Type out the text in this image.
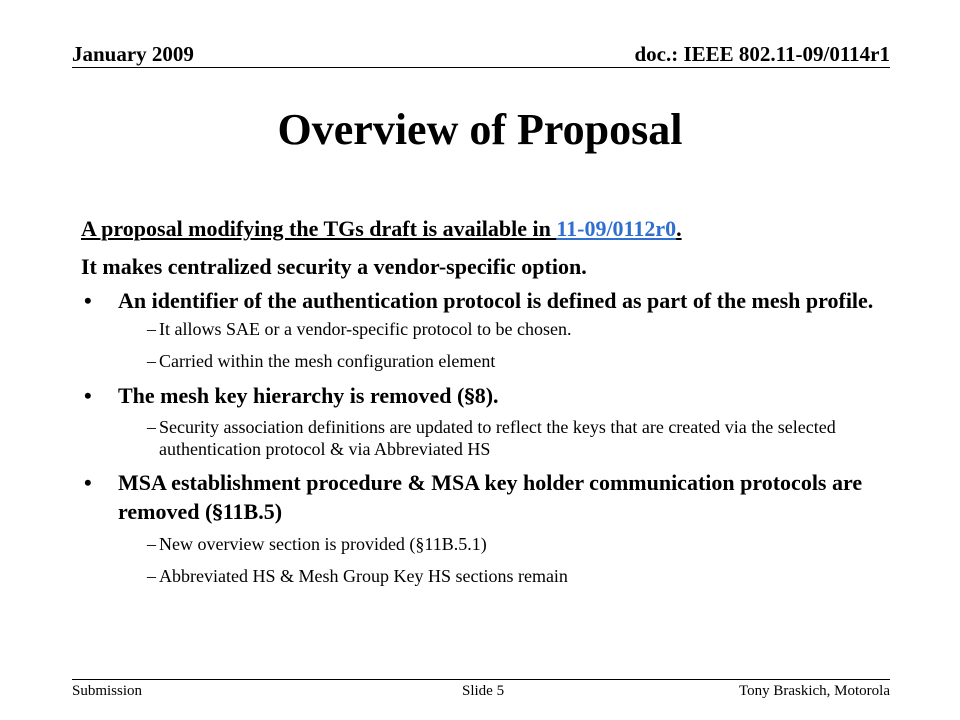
January 2009	doc.: IEEE 802.11-09/0114r1
Overview of Proposal
A proposal modifying the TGs draft is available in 11-09/0112r0.
It makes centralized security a vendor-specific option.
• An identifier of the authentication protocol is defined as part of the mesh profile.
– It allows SAE or a vendor-specific protocol to be chosen.
– Carried within the mesh configuration element
• The mesh key hierarchy is removed (§8).
– Security association definitions are updated to reflect the keys that are created via the selected authentication protocol & via Abbreviated HS
• MSA establishment procedure & MSA key holder communication protocols are removed (§11B.5)
– New overview section is provided (§11B.5.1)
– Abbreviated HS & Mesh Group Key HS sections remain
Submission	Slide 5	Tony Braskich, Motorola
